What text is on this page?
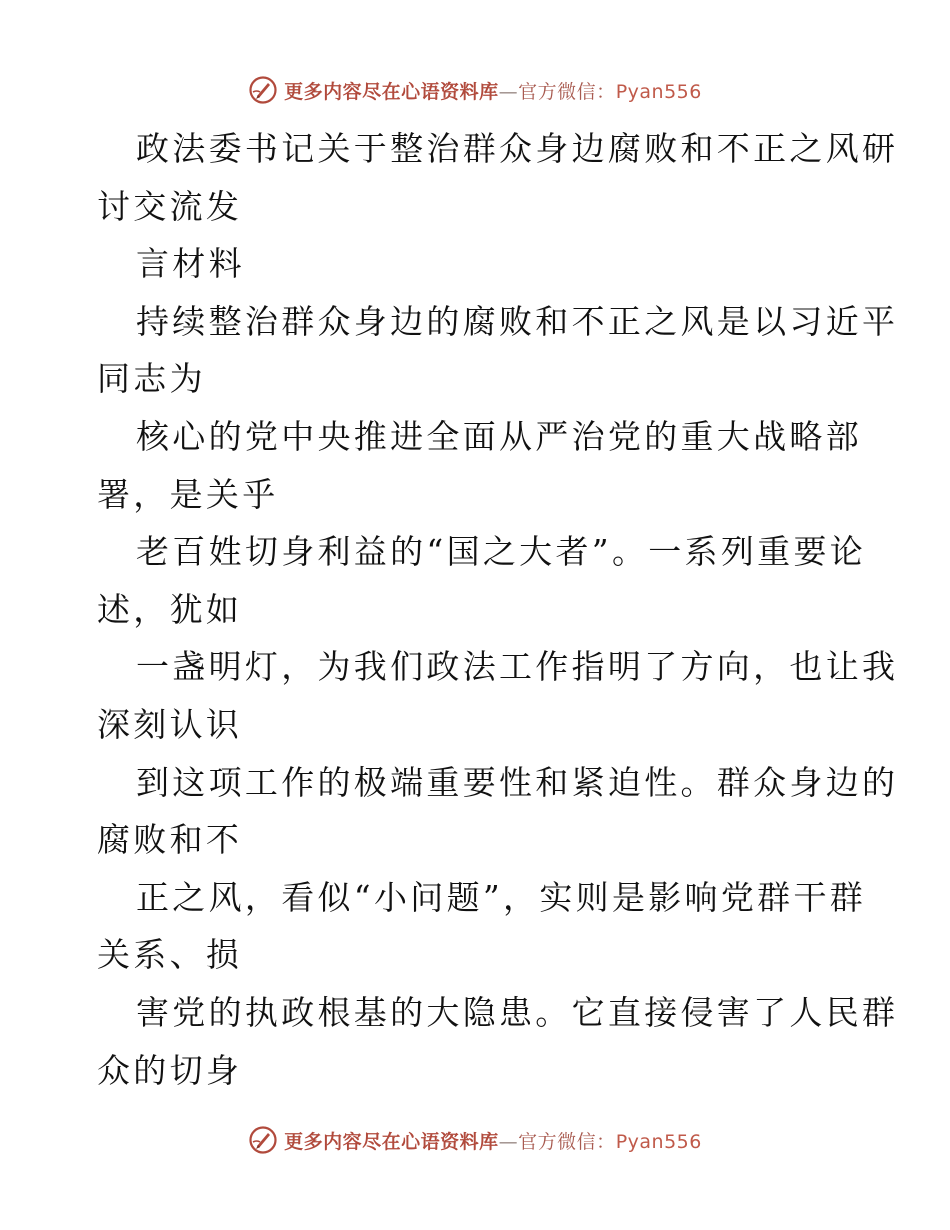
更多内容尽在心语资料库—官方微信：Pyan556
政法委书记关于整治群众身边腐败和不正之风研
讨交流发
言材料
持续整治群众身边的腐败和不正之风是以习近平
同志为
核心的党中央推进全面从严治党的重大战略部
署，是关乎
老百姓切身利益的“国之大者”。一系列重要论
述，犹如
一盏明灯，为我们政法工作指明了方向，也让我
深刻认识
到这项工作的极端重要性和紧迫性。群众身边的
腐败和不
正之风，看似“小问题”，实则是影响党群干群
关系、损
害党的执政根基的大隐患。它直接侵害了人民群
众的切身
更多内容尽在心语资料库—官方微信：Pyan556
